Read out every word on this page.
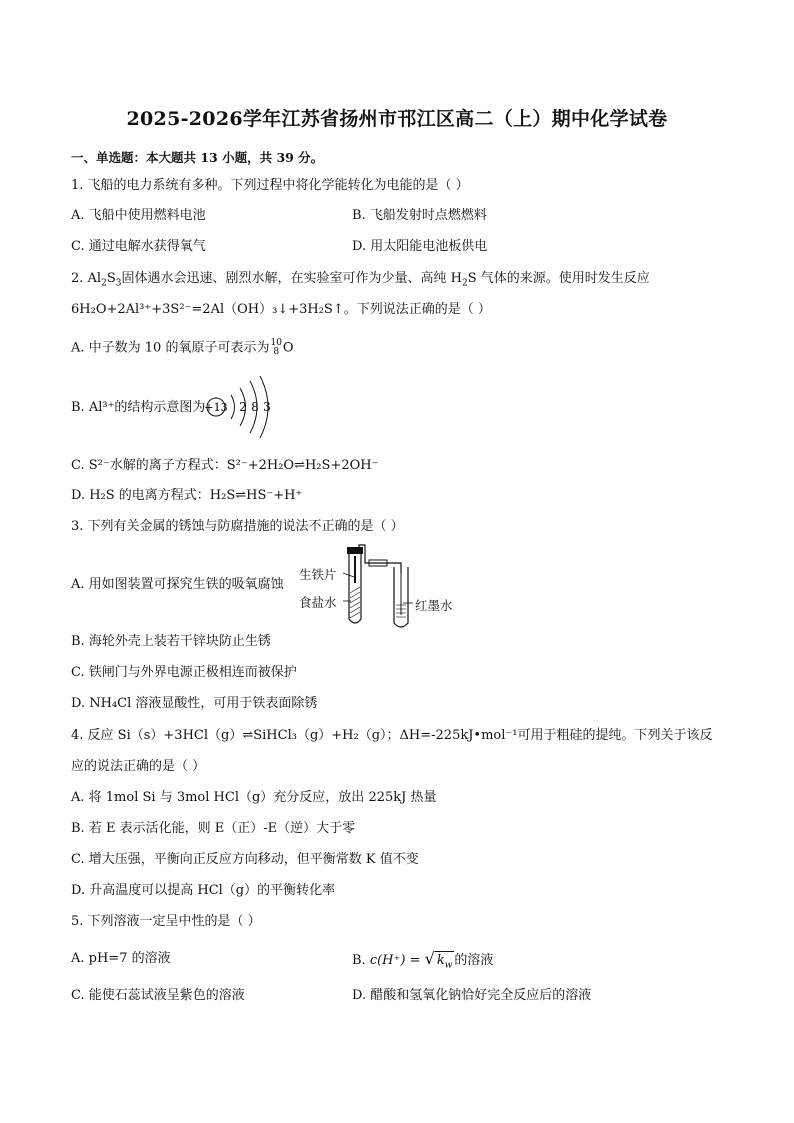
2025-2026学年江苏省扬州市邗江区高二（上）期中化学试卷
一、单选题：本大题共 13 小题，共 39 分。
1. 飞船的电力系统有多种。下列过程中将化学能转化为电能的是（ ）
A. 飞船中使用燃料电池	B. 飞船发射时点燃燃料
C. 通过电解水获得氧气	D. 用太阳能电池板供电
2. $Al_2S_3$固体遇水会迅速、剧烈水解，在实验室可作为少量、高纯 $H_2S$ 气体的来源。使用时发生反应
6H₂O+2Al³⁺+3S²⁻=2Al（OH）₃↓+3H₂S↑。下列说法正确的是（ ）
A. 中子数为 10 的氧原子可表示为10
8 O
B. Al³⁺的结构示意图为
+13 2 8 3
C. S²⁻水解的离子方程式：S²⁻+2H₂O⇌H₂S+2OH⁻
D. H₂S 的电离方程式：H₂S⇌HS⁻+H⁺
3. 下列有关金属的锈蚀与防腐措施的说法不正确的是（ ）
A. 用如图装置可探究生铁的吸氧腐蚀
生铁片
食盐水	红墨水
B. 海轮外壳上装若干锌块防止生锈
C. 铁闸门与外界电源正极相连而被保护
D. NH₄Cl 溶液显酸性，可用于铁表面除锈
4. 反应 Si（s）+3HCl（g）⇌SiHCl₃（g）+H₂（g）；ΔH=-225kJ•mol⁻¹可用于粗硅的提纯。下列关于该反
应的说法正确的是（ ）
A. 将 1mol Si 与 3mol HCl（g）充分反应，放出 225kJ 热量
B. 若 E 表示活化能，则 E（正）-E（逆）大于零
C. 增大压强，平衡向正反应方向移动，但平衡常数 K 值不变
D. 升高温度可以提高 HCl（g）的平衡转化率
5. 下列溶液一定呈中性的是（ ）
A. pH=7 的溶液	B. c(H⁺) = √ $k_w$ 的溶液
C. 能使石蕊试液呈紫色的溶液	D. 醋酸和氢氧化钠恰好完全反应后的溶液
